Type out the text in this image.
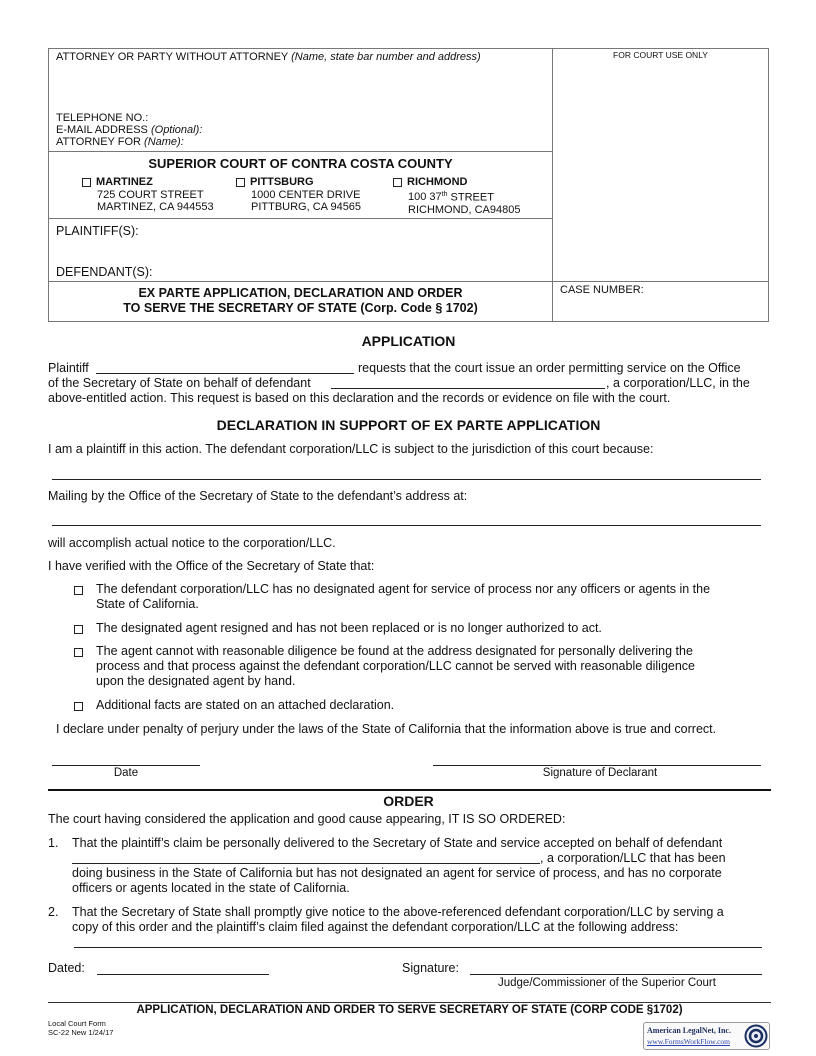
ATTORNEY OR PARTY WITHOUT ATTORNEY (Name, state bar number and address)	FOR COURT USE ONLY
TELEPHONE NO.:
E-MAIL ADDRESS (Optional):
ATTORNEY FOR (Name):
SUPERIOR COURT OF CONTRA COSTA COUNTY
MARTINEZ
725 COURT STREET
MARTINEZ, CA 944553
PITTSBURG
1000 CENTER DRIVE
PITTBURG, CA 94565
RICHMOND
100 37th STREET
RICHMOND, CA94805
PLAINTIFF(S):
DEFENDANT(S):
EX PARTE APPLICATION, DECLARATION AND ORDER
TO SERVE THE SECRETARY OF STATE (Corp. Code § 1702)
CASE NUMBER:
APPLICATION
Plaintiff	requests that the court issue an order permitting service on the Office
of the Secretary of State on behalf of defendant	, a corporation/LLC, in the
above-entitled action. This request is based on this declaration and the records or evidence on file with the court.
DECLARATION IN SUPPORT OF EX PARTE APPLICATION
I am a plaintiff in this action. The defendant corporation/LLC is subject to the jurisdiction of this court because:
Mailing by the Office of the Secretary of State to the defendant’s address at:
will accomplish actual notice to the corporation/LLC.
I have verified with the Office of the Secretary of State that:
The defendant corporation/LLC has no designated agent for service of process nor any officers or agents in the
State of California.
The designated agent resigned and has not been replaced or is no longer authorized to act.
The agent cannot with reasonable diligence be found at the address designated for personally delivering the
process and that process against the defendant corporation/LLC cannot be served with reasonable diligence
upon the designated agent by hand.
Additional facts are stated on an attached declaration.
I declare under penalty of perjury under the laws of the State of California that the information above is true and correct.
Date	Signature of Declarant
ORDER
The court having considered the application and good cause appearing, IT IS SO ORDERED:
1. That the plaintiff’s claim be personally delivered to the Secretary of State and service accepted on behalf of defendant
, a corporation/LLC that has been
doing business in the State of California but has not designated an agent for service of process, and has no corporate
officers or agents located in the state of California.
2. That the Secretary of State shall promptly give notice to the above-referenced defendant corporation/LLC by serving a
copy of this order and the plaintiff’s claim filed against the defendant corporation/LLC at the following address:
Dated:	Signature:
Judge/Commissioner of the Superior Court
APPLICATION, DECLARATION AND ORDER TO SERVE SECRETARY OF STATE (CORP CODE §1702)
Local Court Form
SC-22 New 1/24/17	American LegalNet, Inc.
www.FormsWorkFlow.com
